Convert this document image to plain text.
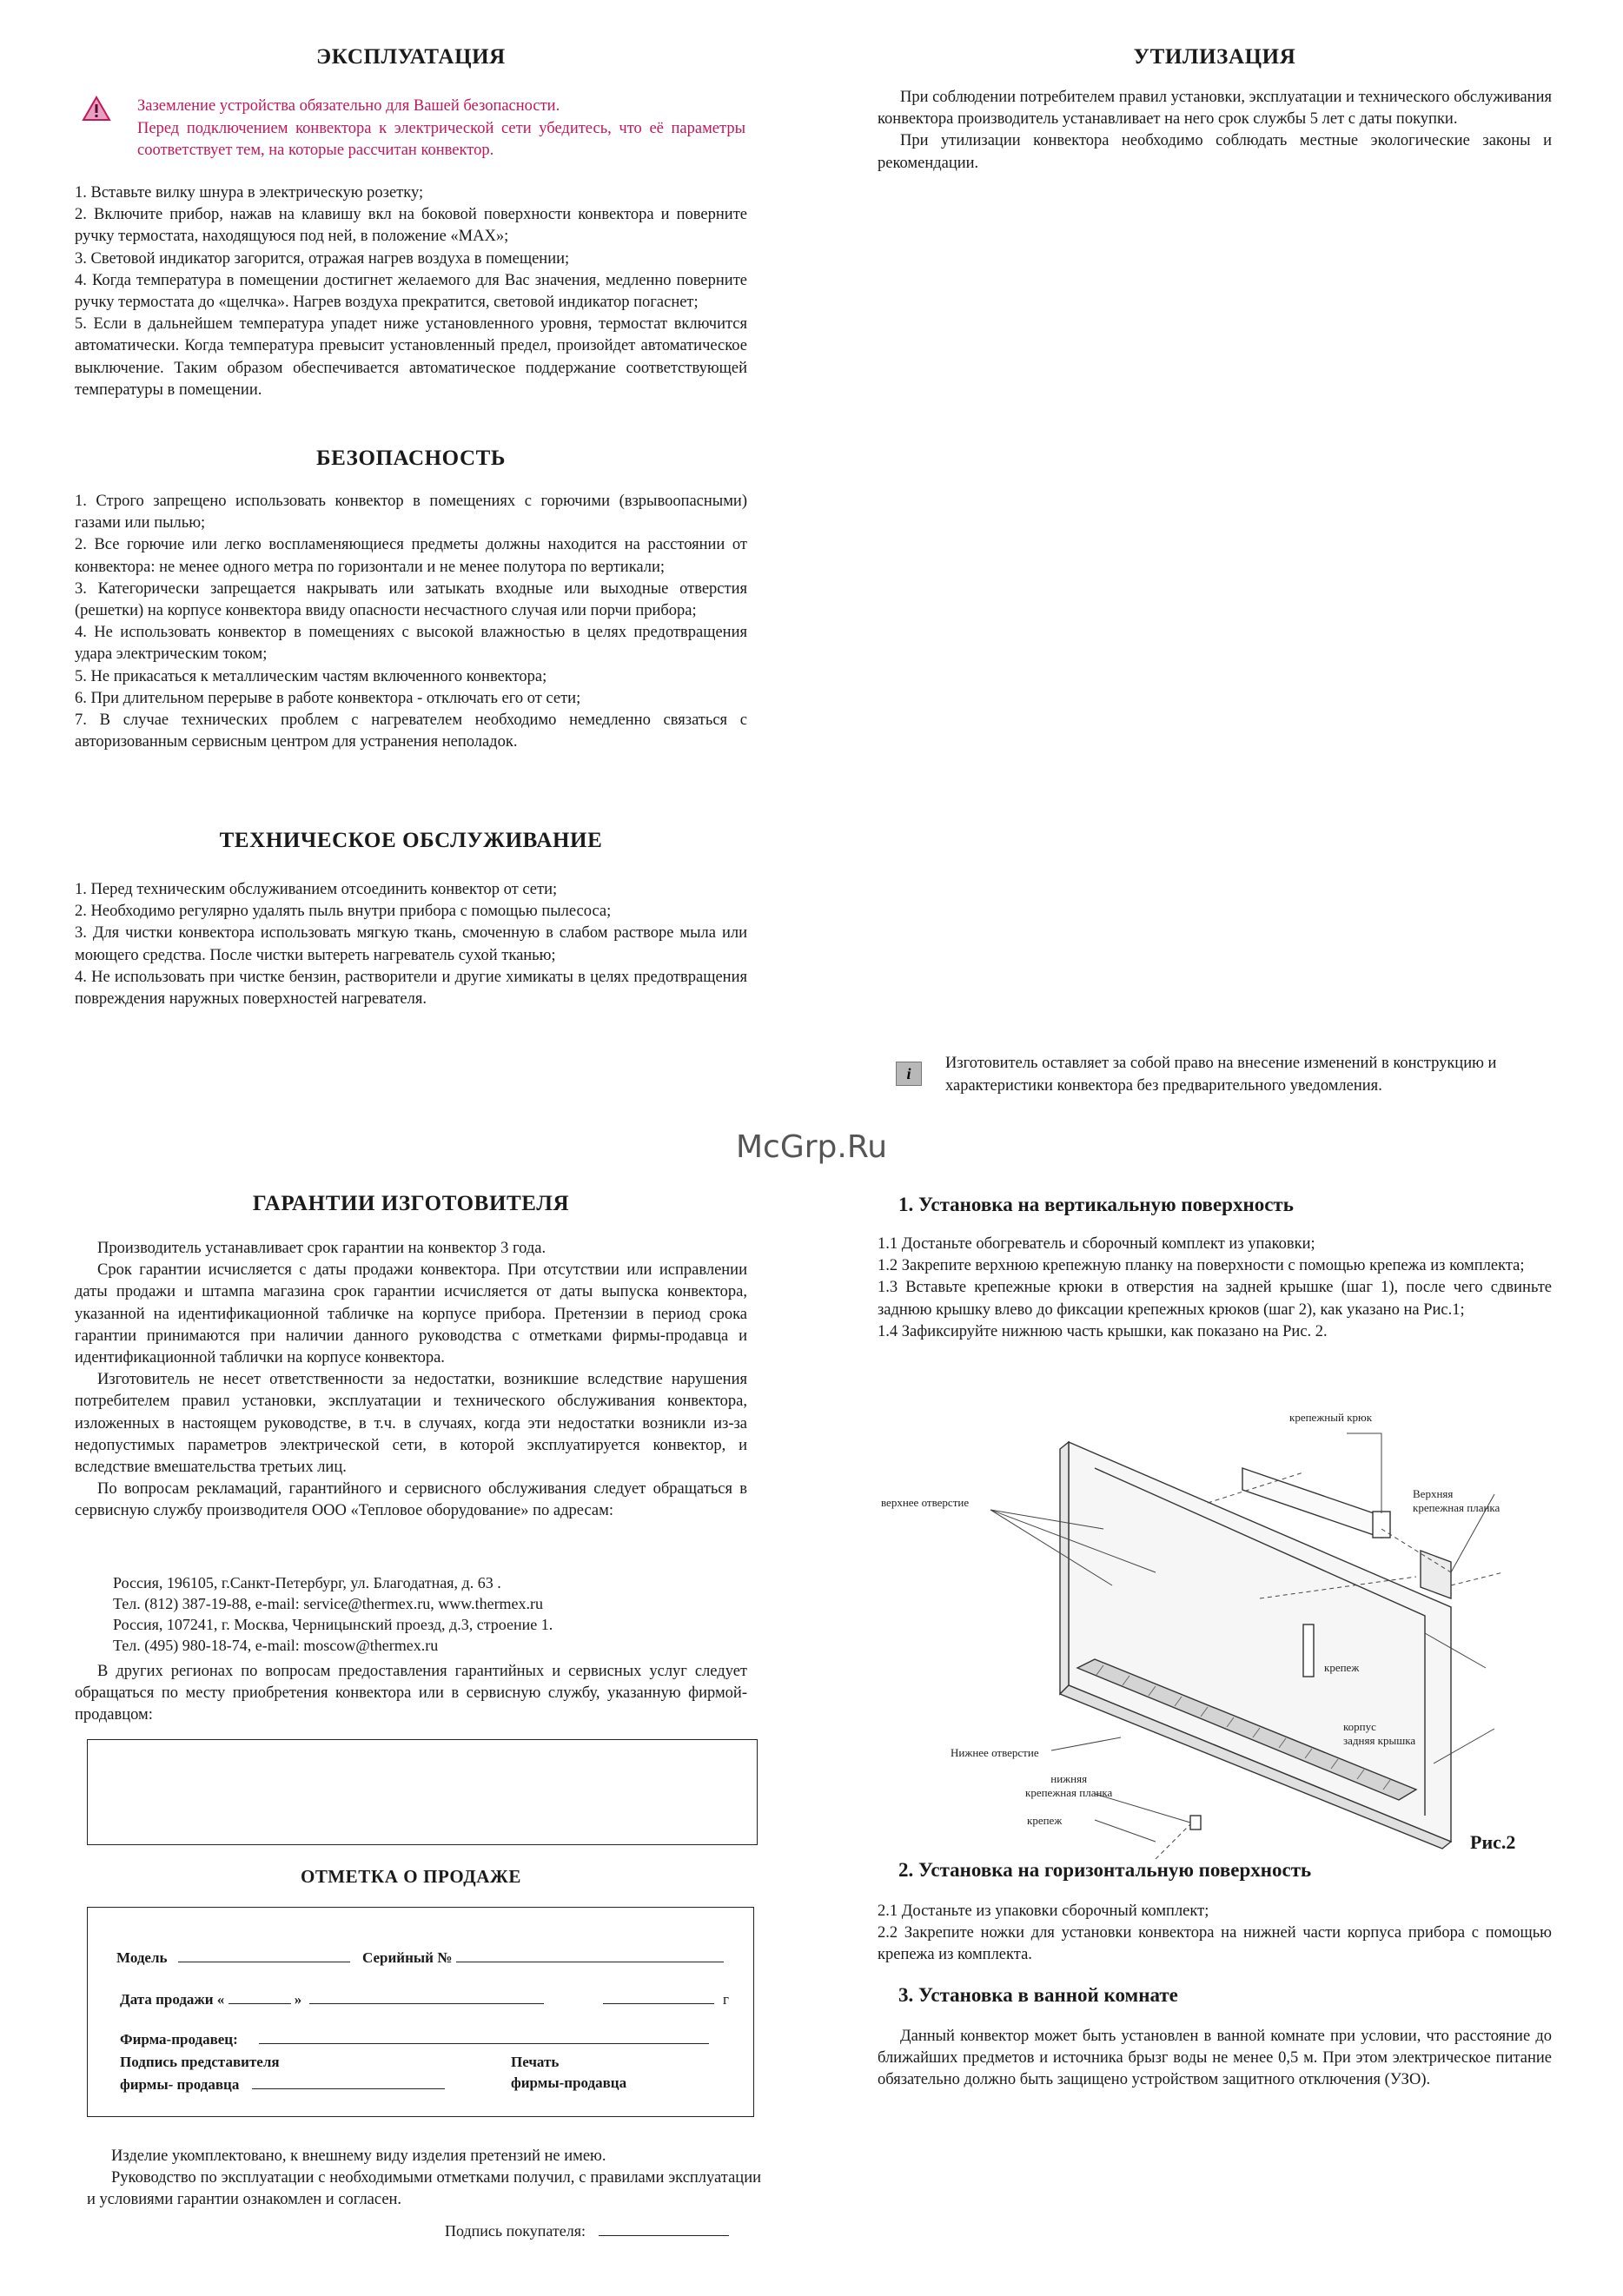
ЭКСПЛУАТАЦИЯ

Заземление устройства обязательно для Вашей безопасности.

Перед подключением конвектора к электрической сети убедитесь, что её параметры соответствует тем, на которые рассчитан конвектор.

1. Вставьте вилку шнура в электрическую розетку;

2. Включите прибор, нажав на клавишу вкл на боковой поверхности конвектора и поверните ручку термостата, находящуюся под ней, в положение «MAX»;

3. Световой индикатор загорится, отражая нагрев воздуха в помещении;

4. Когда температура в помещении достигнет желаемого для Вас значения, медленно поверните ручку термостата до «щелчка». Нагрев воздуха прекратится, световой индикатор погаснет;

5. Если в дальнейшем температура упадет ниже установленного уровня, термостат включится автоматически. Когда температура превысит установленный предел, произойдет автоматическое выключение. Таким образом обеспечивается автоматическое поддержание соответствующей температуры в помещении.

БЕЗОПАСНОСТЬ

1. Строго запрещено использовать конвектор в помещениях с горючими (взрывоопасными) газами или пылью;

2. Все горючие или легко воспламеняющиеся предметы должны находится на расстоянии от конвектора: не менее одного метра по горизонтали и не менее полутора по вертикали;

3. Категорически запрещается накрывать или затыкать входные или выходные отверстия (решетки) на корпусе конвектора ввиду опасности несчастного случая или порчи прибора;

4. Не использовать конвектор в помещениях с высокой влажностью в целях предотвращения удара электрическим током;

5. Не прикасаться к металлическим частям включенного конвектора;

6. При длительном перерыве в работе конвектора - отключать его от сети;

7. В случае технических проблем с нагревателем необходимо немедленно связаться с авторизованным сервисным центром для устранения неполадок.

ТЕХНИЧЕСКОЕ ОБСЛУЖИВАНИЕ

1. Перед техническим обслуживанием отсоединить конвектор от сети;

2. Необходимо регулярно удалять пыль внутри прибора с помощью пылесоса;

3. Для чистки конвектора использовать мягкую ткань, смоченную в слабом растворе мыла или моющего средства. После чистки вытереть нагреватель сухой тканью;

4. Не использовать при чистке бензин, растворители и другие химикаты в целях предотвращения повреждения наружных поверхностей нагревателя.

УТИЛИЗАЦИЯ

При соблюдении потребителем правил установки, эксплуатации и технического обслуживания конвектора производитель устанавливает на него срок службы 5 лет с даты покупки.

При утилизации конвектора необходимо соблюдать местные экологические законы и рекомендации.

i

Изготовитель оставляет за собой право на внесение изменений в конструкцию и характеристики конвектора без предварительного уведомления.

McGrp.Ru
ГАРАНТИИ ИЗГОТОВИТЕЛЯ

Производитель устанавливает срок гарантии на конвектор 3 года.

Срок гарантии исчисляется с даты продажи конвектора. При отсутствии или исправлении даты продажи и штампа магазина срок гарантии исчисляется от даты выпуска конвектора, указанной на идентификационной табличке на корпусе прибора. Претензии в период срока гарантии принимаются при наличии данного руководства с отметками фирмы-продавца и идентификационной таблички на корпусе конвектора.

Изготовитель не несет ответственности за недостатки, возникшие вследствие нарушения потребителем правил установки, эксплуатации и технического обслуживания конвектора, изложенных в настоящем руководстве, в т.ч. в случаях, когда эти недостатки возникли из-за недопустимых параметров электрической сети, в которой эксплуатируется конвектор, и вследствие вмешательства третьих лиц.

По вопросам рекламаций, гарантийного и сервисного обслуживания следует обращаться в сервисную службу производителя ООО «Тепловое оборудование» по адресам:

Россия, 196105, г.Санкт-Петербург, ул. Благодатная, д. 63 .

Тел. (812) 387-19-88, e-mail: service@thermex.ru, www.thermex.ru

Россия, 107241, г. Москва, Черницынский проезд, д.3, строение 1.

Тел. (495) 980-18-74, e-mail: moscow@thermex.ru

В других регионах по вопросам предоставления гарантийных и сервисных услуг следует обращаться по месту приобретения конвектора или в сервисную службу, указанную фирмой-продавцом:

ОТМЕТКА О ПРОДАЖЕ
Модель	Серийный №
Дата продажи «	»	г
Фирма-продавец:
Подпись представителя
фирмы- продавца
Печать
фирмы-продавца

Изделие укомплектовано, к внешнему виду изделия претензий не имею.

Руководство по эксплуатации с необходимыми отметками получил, с правилами эксплуатации и условиями гарантии ознакомлен и согласен.

Подпись покупателя:
1. Установка на вертикальную поверхность

1.1 Достаньте обогреватель и сборочный комплект из упаковки;

1.2 Закрепите верхнюю крепежную планку на поверхности с помощью крепежа из комплекта;

1.3 Вставьте крепежные крюки в отверстия на задней крышке (шаг 1), после чего сдвиньте заднюю крышку влево до фиксации крепежных крюков (шаг 2), как указано на Рис.1;

1.4 Зафиксируйте нижнюю часть крышки, как показано на Рис. 2.

крепежный крюк
верхнее отверстие
Верхняя
крепежная планка
крепеж
корпус
задняя крышка
Нижнее отверстие
нижняя
крепежная планка
крепеж
Рис.2
2. Установка на горизонтальную поверхность

2.1 Достаньте из упаковки сборочный комплект;

2.2 Закрепите ножки для установки конвектора на нижней части корпуса прибора с помощью крепежа из комплекта.

3. Установка в ванной комнате

Данный конвектор может быть установлен в ванной комнате при условии, что расстояние до ближайших предметов и источника брызг воды не менее 0,5 м. При этом электрическое питание обязательно должно быть защищено устройством защитного отключения (УЗО).
